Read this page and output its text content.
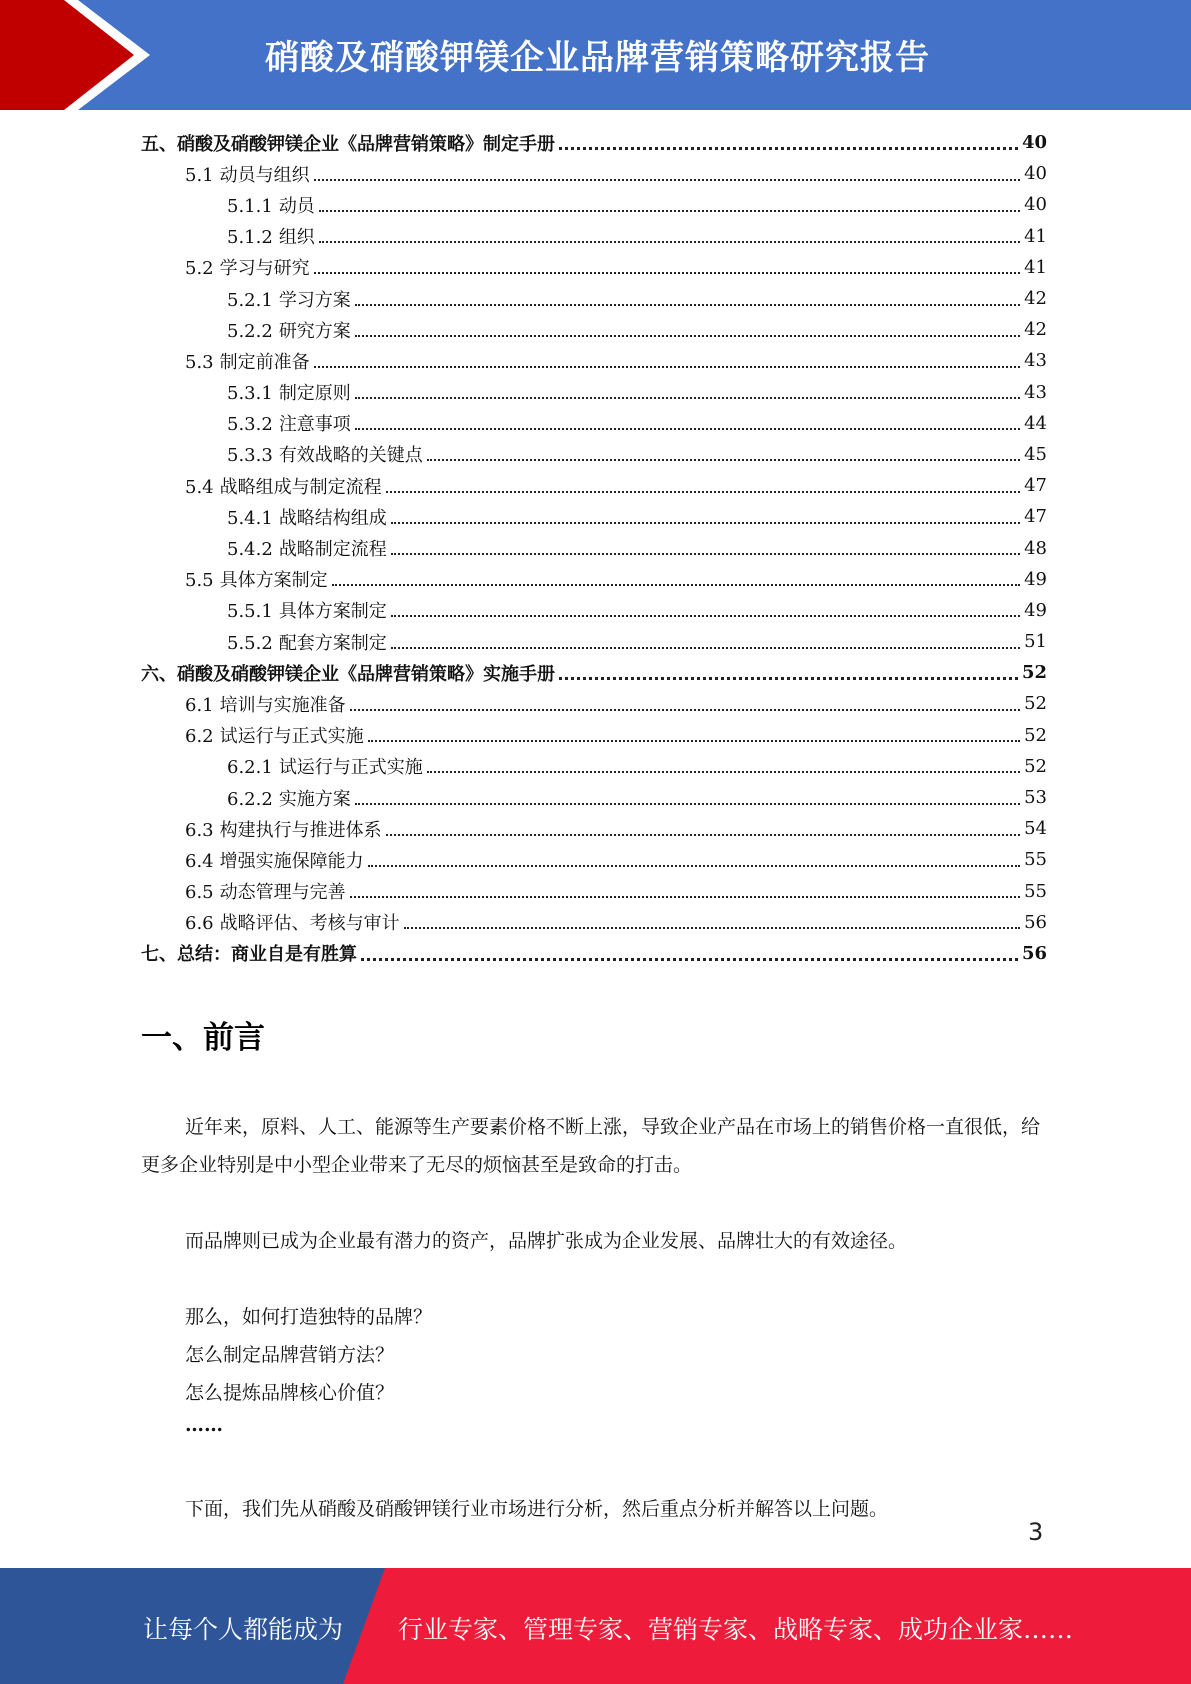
硝酸及硝酸钾镁企业品牌营销策略研究报告
五、硝酸及硝酸钾镁企业《品牌营销策略》制定手册	40
5.1 动员与组织	40
5.1.1 动员	40
5.1.2 组织	41
5.2 学习与研究	41
5.2.1 学习方案	42
5.2.2 研究方案	42
5.3 制定前准备	43
5.3.1 制定原则	43
5.3.2 注意事项	44
5.3.3 有效战略的关键点	45
5.4 战略组成与制定流程	47
5.4.1 战略结构组成	47
5.4.2 战略制定流程	48
5.5 具体方案制定	49
5.5.1 具体方案制定	49
5.5.2 配套方案制定	51
六、硝酸及硝酸钾镁企业《品牌营销策略》实施手册	52
6.1 培训与实施准备	52
6.2 试运行与正式实施	52
6.2.1 试运行与正式实施	52
6.2.2 实施方案	53
6.3 构建执行与推进体系	54
6.4 增强实施保障能力	55
6.5 动态管理与完善	55
6.6 战略评估、考核与审计	56
七、总结：商业自是有胜算	56
一、前言
近年来，原料、人工、能源等生产要素价格不断上涨，导致企业产品在市场上的销售价格一直很低，给更多企业特别是中小型企业带来了无尽的烦恼甚至是致命的打击。
而品牌则已成为企业最有潜力的资产，品牌扩张成为企业发展、品牌壮大的有效途径。
那么，如何打造独特的品牌？
怎么制定品牌营销方法？
怎么提炼品牌核心价值？
……
下面，我们先从硝酸及硝酸钾镁行业市场进行分析，然后重点分析并解答以上问题。
3
让每个人都能成为 行业专家、管理专家、营销专家、战略专家、成功企业家……
